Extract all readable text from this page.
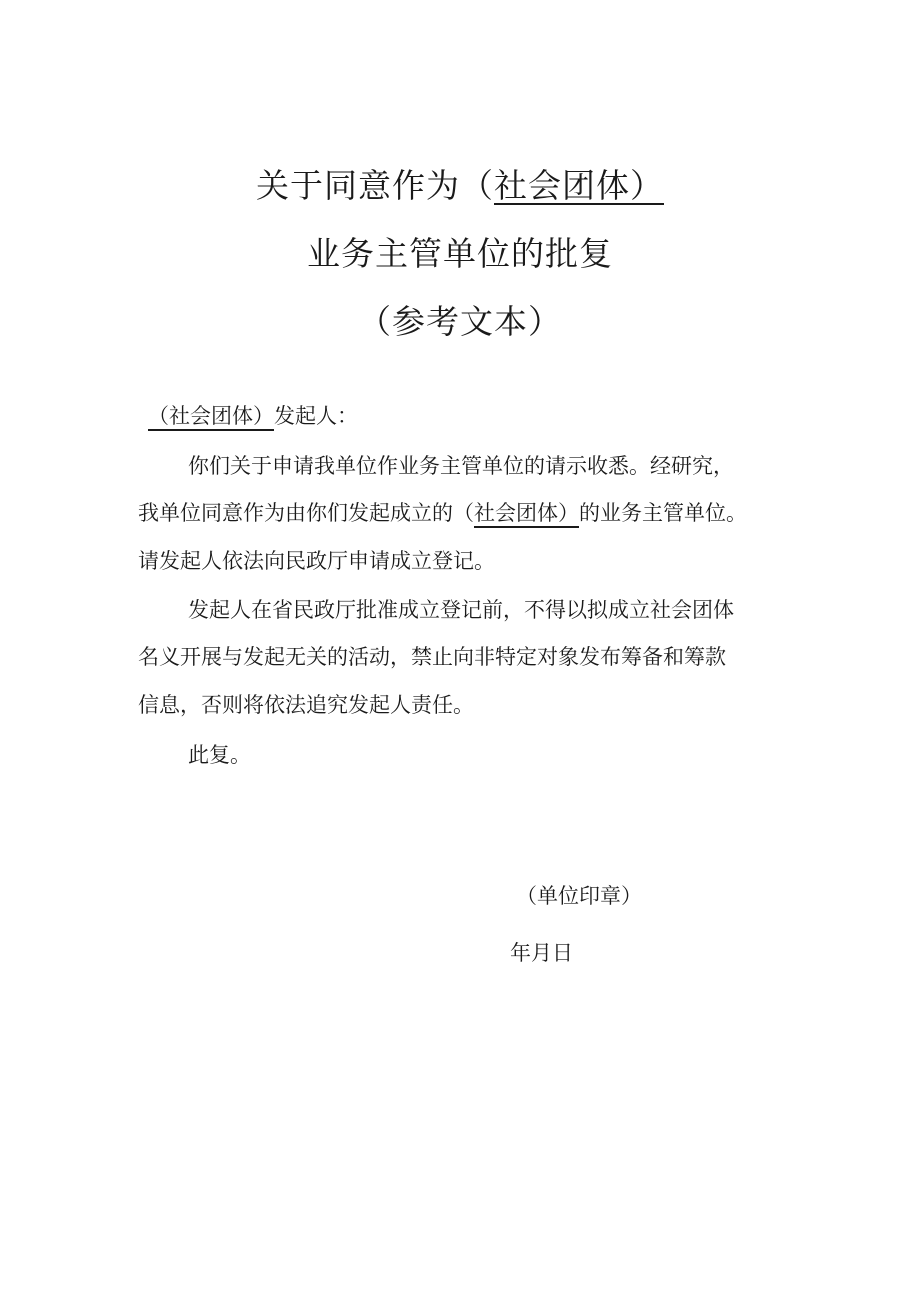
关于同意作为（社会团体）
业务主管单位的批复
（参考文本）
（社会团体）发起人：
你们关于申请我单位作业务主管单位的请示收悉。经研究，
我单位同意作为由你们发起成立的（社会团体）的业务主管单位。
请发起人依法向民政厅申请成立登记。
发起人在省民政厅批准成立登记前，不得以拟成立社会团体
名义开展与发起无关的活动，禁止向非特定对象发布筹备和筹款
信息，否则将依法追究发起人责任。
此复。
（单位印章）
年月日
